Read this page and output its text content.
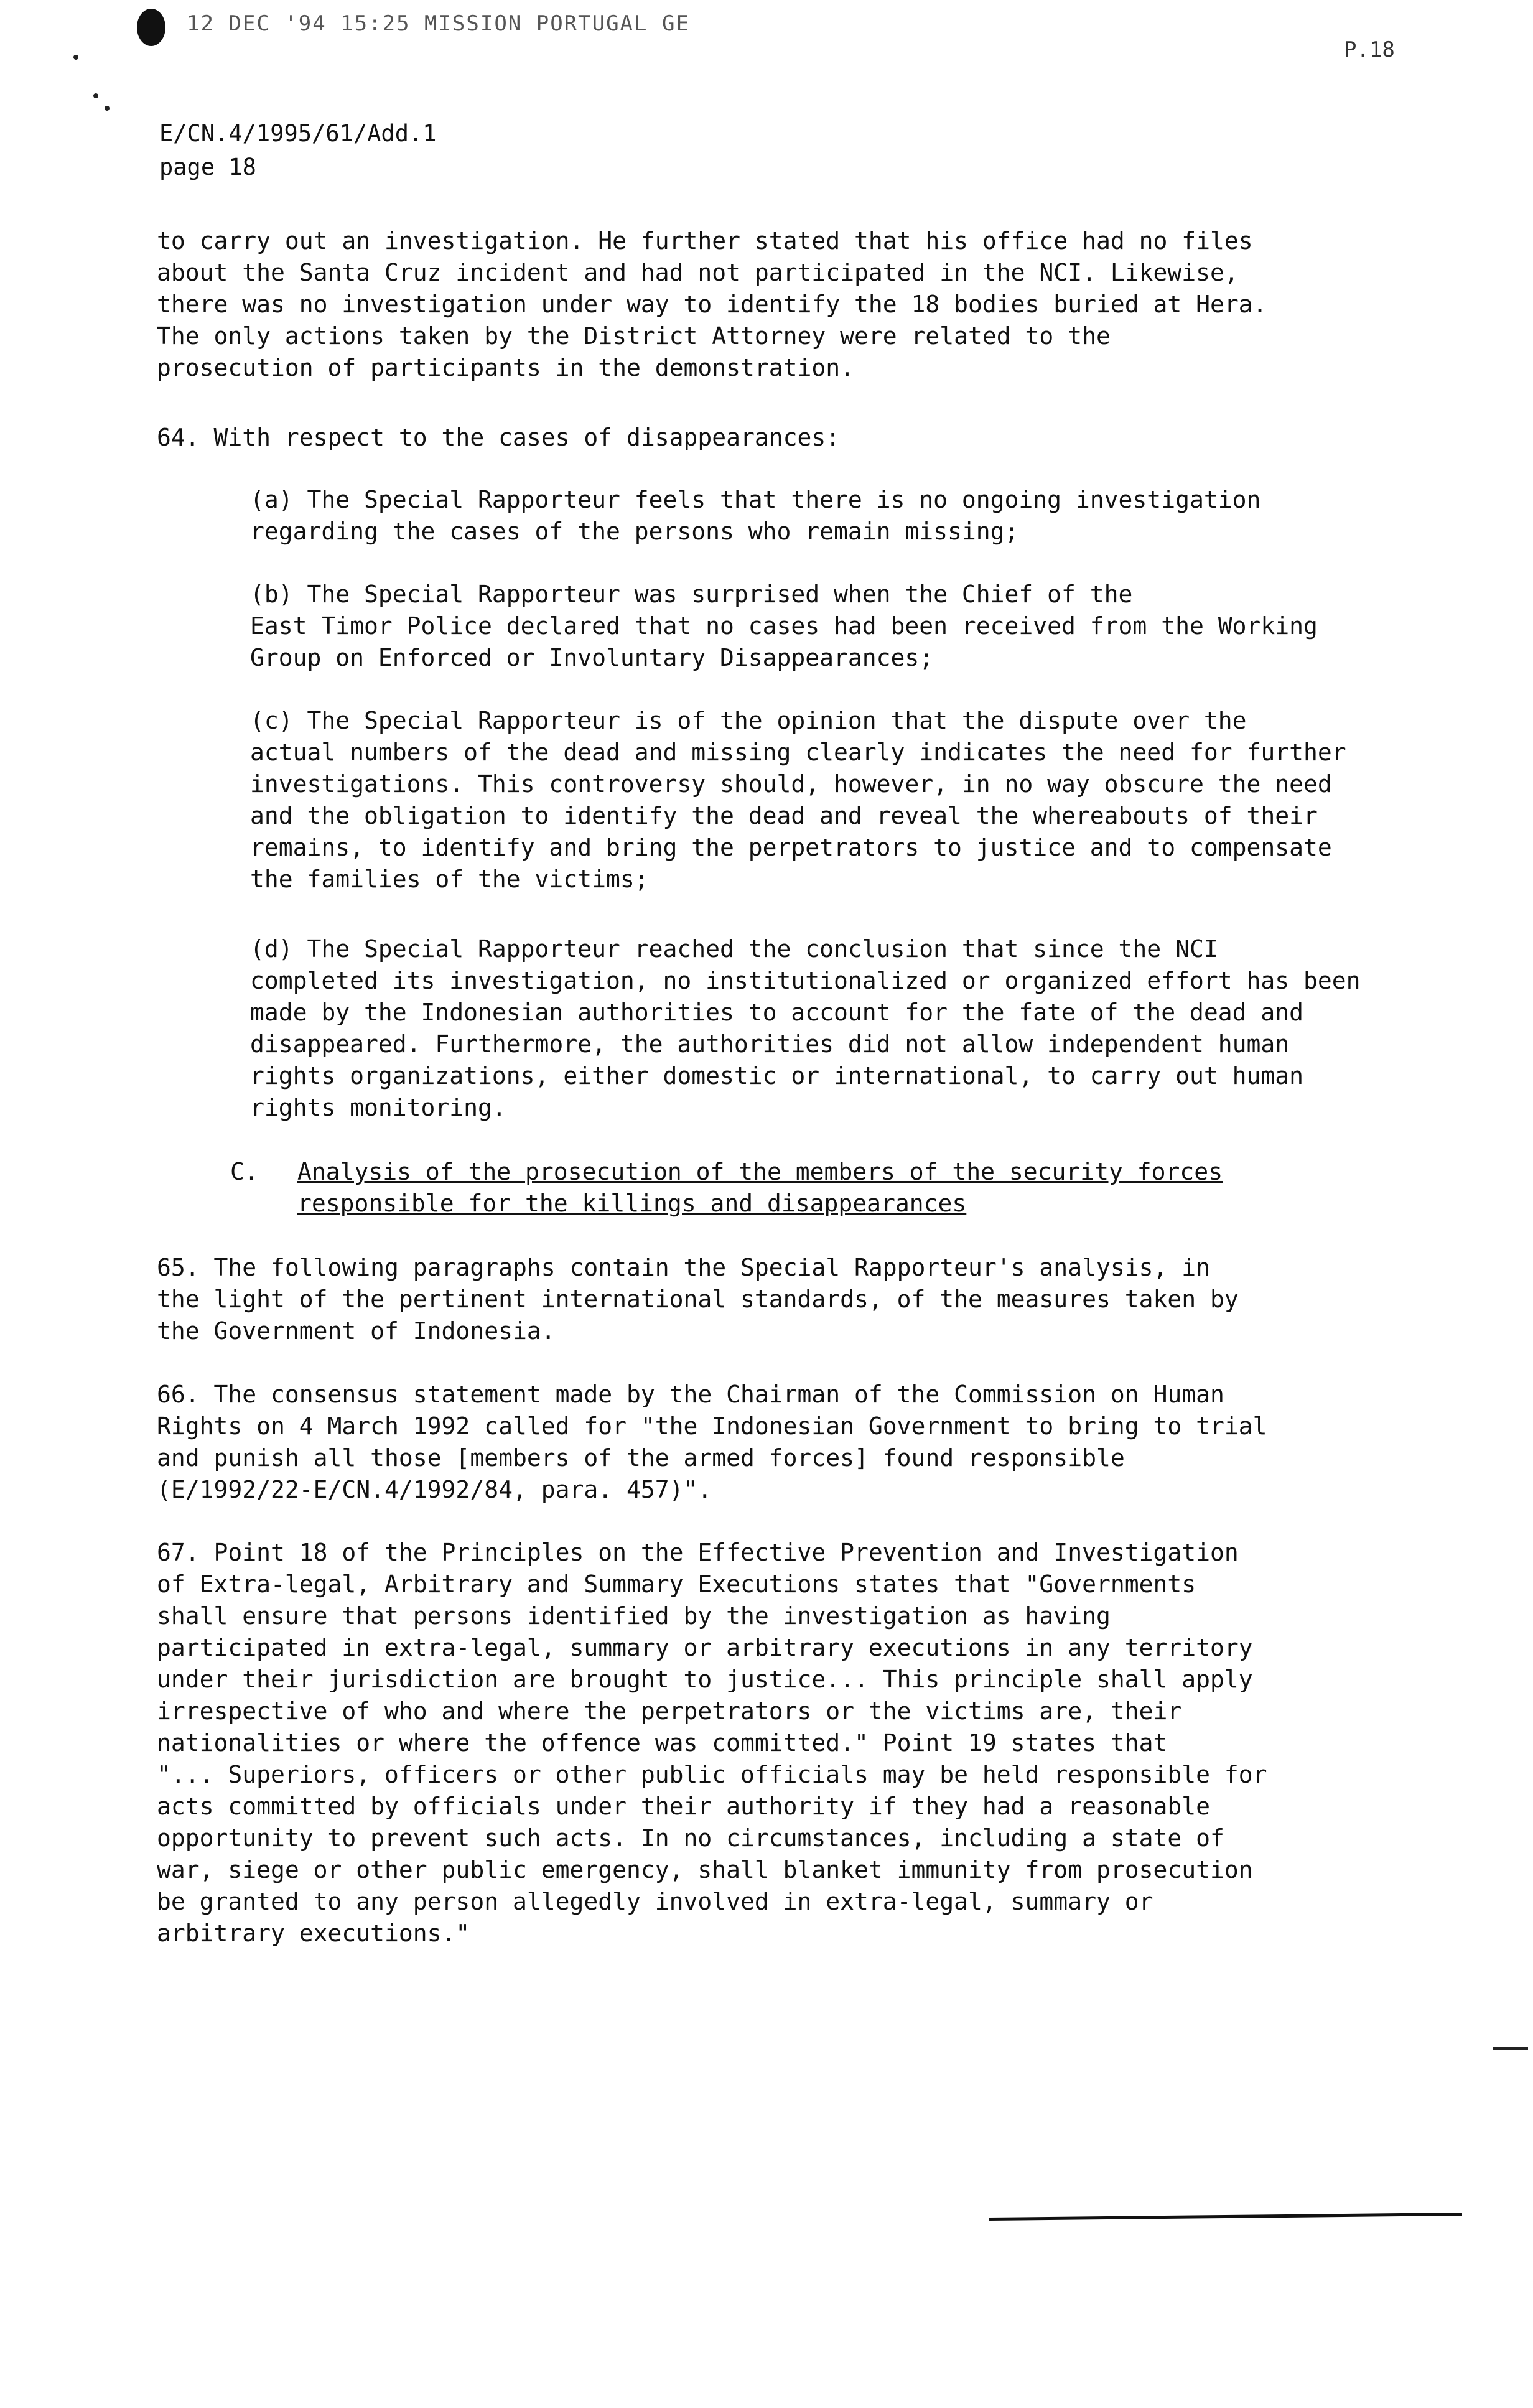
12 DEC '94 15:25 MISSION PORTUGAL GE
P.18
E/CN.4/1995/61/Add.1
page 18

to carry out an investigation. He further stated that his office had no files
about the Santa Cruz incident and had not participated in the NCI. Likewise,
there was no investigation under way to identify the 18 bodies buried at Hera.
The only actions taken by the District Attorney were related to the
prosecution of participants in the demonstration.

64. With respect to the cases of disappearances:

(a) The Special Rapporteur feels that there is no ongoing investigation
regarding the cases of the persons who remain missing;

(b) The Special Rapporteur was surprised when the Chief of the
East Timor Police declared that no cases had been received from the Working
Group on Enforced or Involuntary Disappearances;

(c) The Special Rapporteur is of the opinion that the dispute over the
actual numbers of the dead and missing clearly indicates the need for further
investigations. This controversy should, however, in no way obscure the need
and the obligation to identify the dead and reveal the whereabouts of their
remains, to identify and bring the perpetrators to justice and to compensate
the families of the victims;

(d) The Special Rapporteur reached the conclusion that since the NCI
completed its investigation, no institutionalized or organized effort has been
made by the Indonesian authorities to account for the fate of the dead and
disappeared. Furthermore, the authorities did not allow independent human
rights organizations, either domestic or international, to carry out human
rights monitoring.

C. Analysis of the prosecution of the members of the security forces
responsible for the killings and disappearances

65. The following paragraphs contain the Special Rapporteur's analysis, in
the light of the pertinent international standards, of the measures taken by
the Government of Indonesia.

66. The consensus statement made by the Chairman of the Commission on Human
Rights on 4 March 1992 called for "the Indonesian Government to bring to trial
and punish all those [members of the armed forces] found responsible
(E/1992/22-E/CN.4/1992/84, para. 457)".

67. Point 18 of the Principles on the Effective Prevention and Investigation
of Extra-legal, Arbitrary and Summary Executions states that "Governments
shall ensure that persons identified by the investigation as having
participated in extra-legal, summary or arbitrary executions in any territory
under their jurisdiction are brought to justice... This principle shall apply
irrespective of who and where the perpetrators or the victims are, their
nationalities or where the offence was committed." Point 19 states that
"... Superiors, officers or other public officials may be held responsible for
acts committed by officials under their authority if they had a reasonable
opportunity to prevent such acts. In no circumstances, including a state of
war, siege or other public emergency, shall blanket immunity from prosecution
be granted to any person allegedly involved in extra-legal, summary or
arbitrary executions."
